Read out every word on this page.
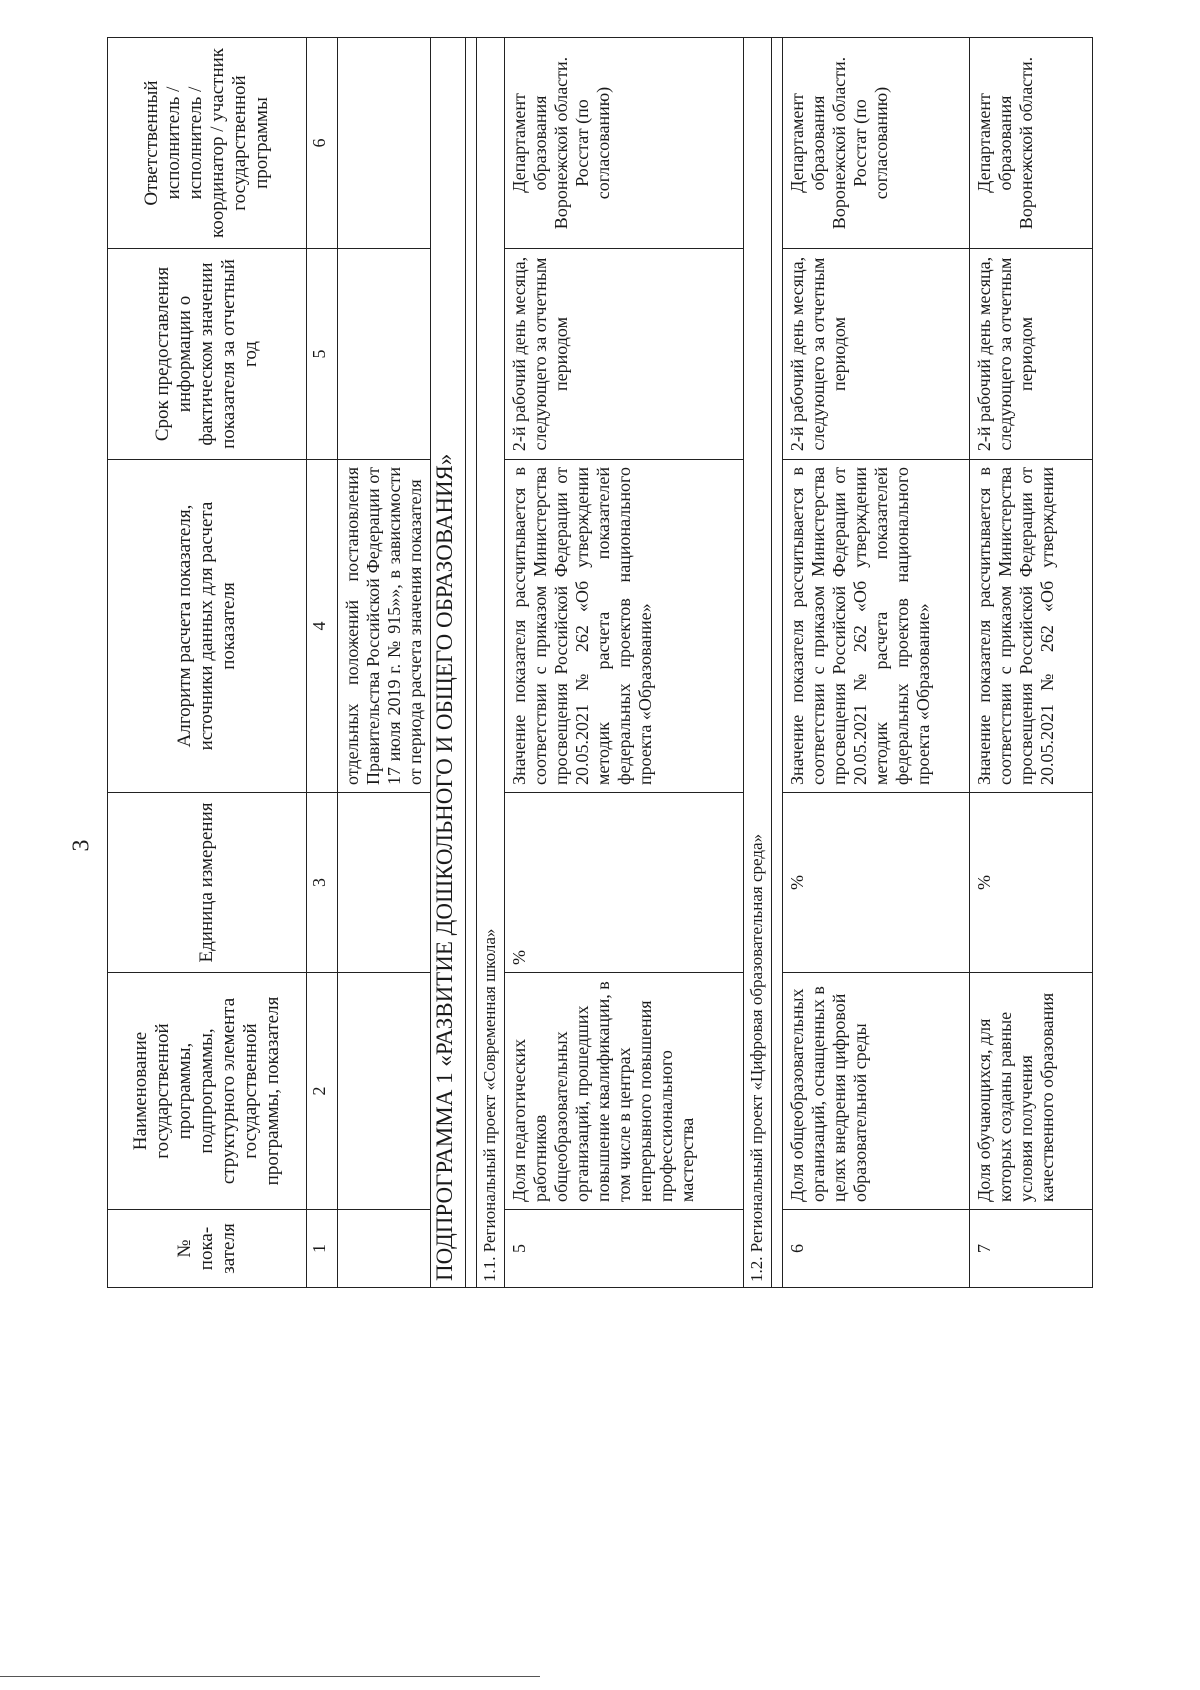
3
№ пока-зателя	Наименование государственной программы, подпрограммы, структурного элемента государственной программы, показателя	Единица измерения	Алгоритм расчета показателя, источники данных для расчета показателя	Срок предоставления информации о фактическом значении показателя за отчетный год	Ответственный исполнитель / исполнитель / координатор / участник государственной программы
1	2	3	4	5	6
			отдельных положений постановления Правительства Российской Федерации от 17 июля 2019 г. № 915»», в зависимости от периода расчета значения показателя		
ПОДПРОГРАММА 1 «РАЗВИТИЕ ДОШКОЛЬНОГО И ОБЩЕГО ОБРАЗОВАНИЯ»					

1.1. Региональный проект «Современная школа»					
5	Доля педагогических работников общеобразовательных организаций, прошедших повышение квалификации, в том числе в центрах непрерывного повышения профессионального мастерства	%	Значение показателя рассчитывается в соответствии с приказом Министерства просвещения Российской Федерации от 20.05.2021 № 262 «Об утверждении методик расчета показателей федеральных проектов национального проекта «Образование»	2-й рабочий день месяца, следующего за отчетным периодом	Департамент образования Воронежской области. Росстат (по согласованию)
1.2. Региональный проект «Цифровая образовательная среда»					

6	Доля общеобразовательных организаций, оснащенных в целях внедрения цифровой образовательной среды	%	Значение показателя рассчитывается в соответствии с приказом Министерства просвещения Российской Федерации от 20.05.2021 № 262 «Об утверждении методик расчета показателей федеральных проектов национального проекта «Образование»	2-й рабочий день месяца, следующего за отчетным периодом	Департамент образования Воронежской области. Росстат (по согласованию)
7	Доля обучающихся, для которых созданы равные условия получения качественного образования	%	Значение показателя рассчитывается в соответствии с приказом Министерства просвещения Российской Федерации от 20.05.2021 № 262 «Об утверждении	2-й рабочий день месяца, следующего за отчетным периодом	Департамент образования Воронежской области.
